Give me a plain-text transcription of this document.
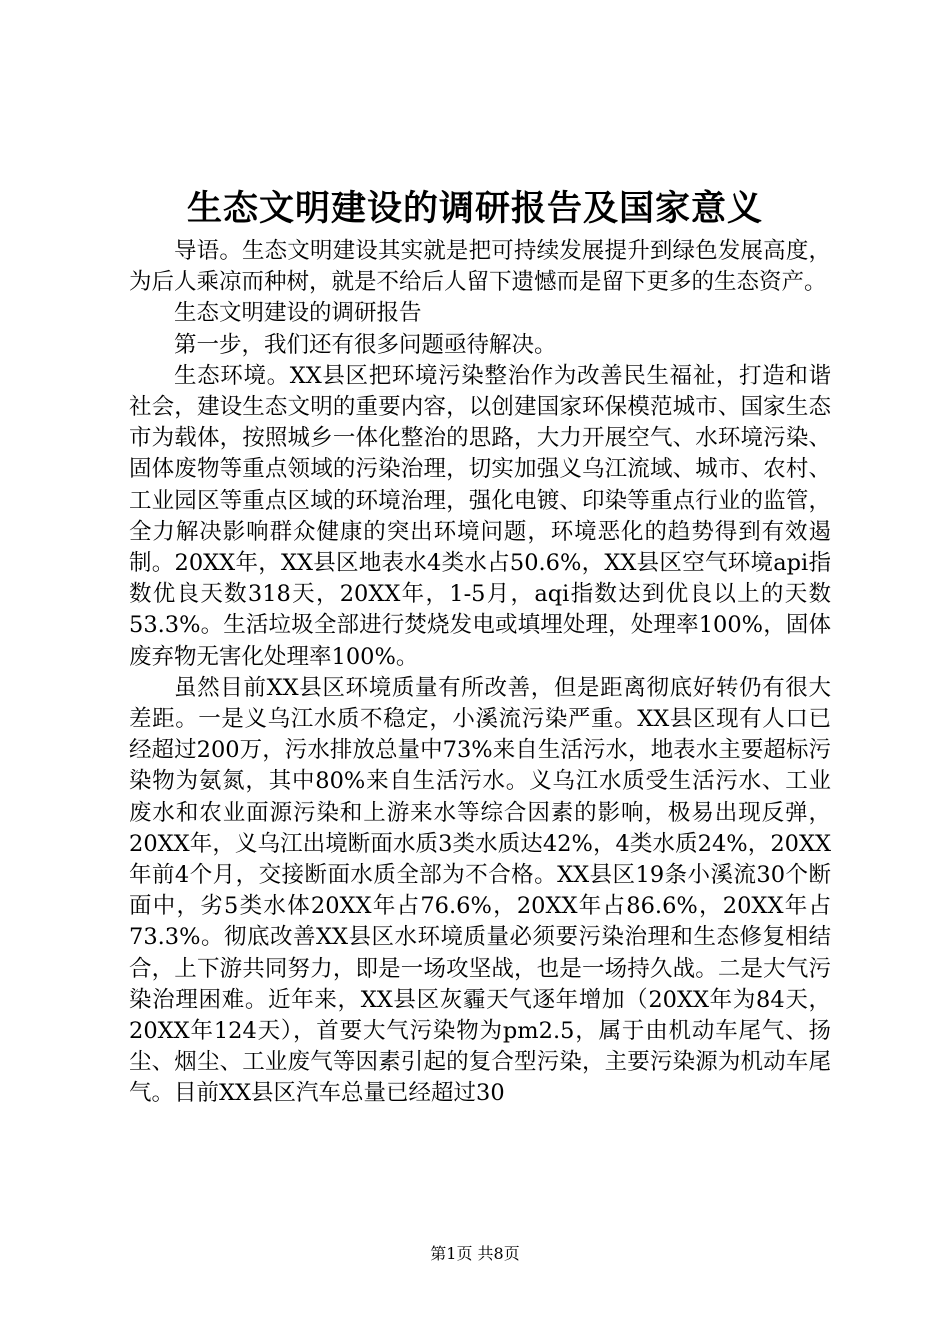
生态文明建设的调研报告及国家意义

导语。生态文明建设其实就是把可持续发展提升到绿色发展高度，为后人乘凉而种树，就是不给后人留下遗憾而是留下更多的生态资产。

生态文明建设的调研报告

第一步，我们还有很多问题亟待解决。

生态环境。XX县区把环境污染整治作为改善民生福祉，打造和谐社会，建设生态文明的重要内容，以创建国家环保模范城市、国家生态市为载体，按照城乡一体化整治的思路，大力开展空气、水环境污染、固体废物等重点领域的污染治理，切实加强义乌江流域、城市、农村、工业园区等重点区域的环境治理，强化电镀、印染等重点行业的监管，全力解决影响群众健康的突出环境问题，环境恶化的趋势得到有效遏制。20XX年，XX县区地表水4类水占50.6%，XX县区空气环境api指数优良天数318天，20XX年，1-5月，aqi指数达到优良以上的天数53.3%。生活垃圾全部进行焚烧发电或填埋处理，处理率100%，固体废弃物无害化处理率100%。

虽然目前XX县区环境质量有所改善，但是距离彻底好转仍有很大差距。一是义乌江水质不稳定，小溪流污染严重。XX县区现有人口已经超过200万，污水排放总量中73%来自生活污水，地表水主要超标污染物为氨氮，其中80%来自生活污水。义乌江水质受生活污水、工业废水和农业面源污染和上游来水等综合因素的影响，极易出现反弹，20XX年，义乌江出境断面水质3类水质达42%，4类水质24%，20XX年前4个月，交接断面水质全部为不合格。XX县区19条小溪流30个断面中，劣5类水体20XX年占76.6%，20XX年占86.6%，20XX年占73.3%。彻底改善XX县区水环境质量必须要污染治理和生态修复相结合，上下游共同努力，即是一场攻坚战，也是一场持久战。二是大气污染治理困难。近年来，XX县区灰霾天气逐年增加（20XX年为84天，20XX年124天），首要大气污染物为pm2.5，属于由机动车尾气、扬尘、烟尘、工业废气等因素引起的复合型污染，主要污染源为机动车尾气。目前XX县区汽车总量已经超过30

第1页 共8页
